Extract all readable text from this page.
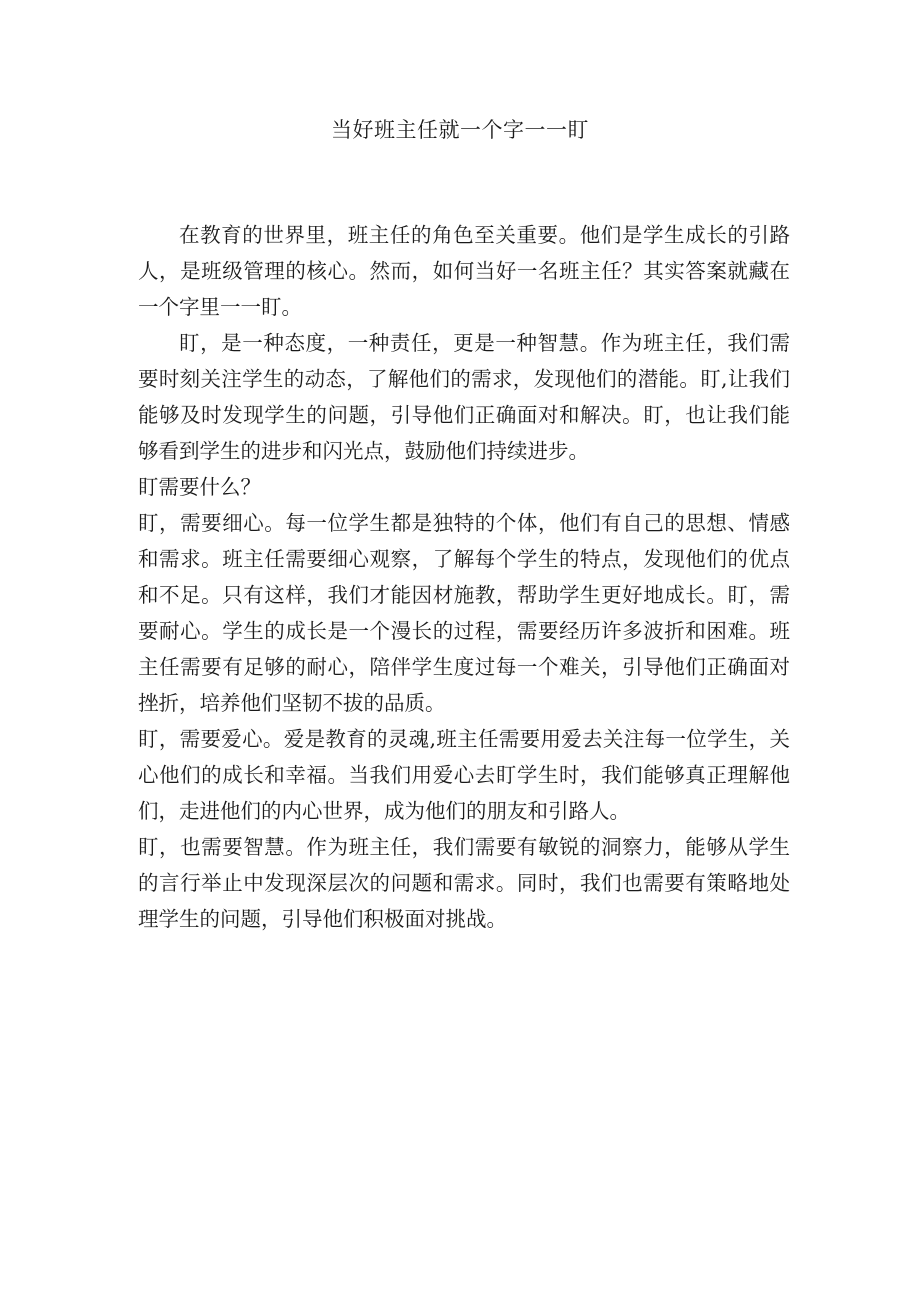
当好班主任就一个字一一盯

在教育的世界里，班主任的角色至关重要。他们是学生成长的引路人，是班级管理的核心。然而，如何当好一名班主任？其实答案就藏在一个字里一一盯。

盯，是一种态度，一种责任，更是一种智慧。作为班主任，我们需要时刻关注学生的动态，了解他们的需求，发现他们的潜能。盯,让我们能够及时发现学生的问题，引导他们正确面对和解决。盯，也让我们能够看到学生的进步和闪光点，鼓励他们持续进步。

盯需要什么？

盯，需要细心。每一位学生都是独特的个体，他们有自己的思想、情感和需求。班主任需要细心观察，了解每个学生的特点，发现他们的优点和不足。只有这样，我们才能因材施教，帮助学生更好地成长。盯，需要耐心。学生的成长是一个漫长的过程，需要经历许多波折和困难。班主任需要有足够的耐心，陪伴学生度过每一个难关，引导他们正确面对挫折，培养他们坚韧不拔的品质。

盯，需要爱心。爱是教育的灵魂,班主任需要用爱去关注每一位学生，关心他们的成长和幸福。当我们用爱心去盯学生时，我们能够真正理解他们，走进他们的内心世界，成为他们的朋友和引路人。

盯，也需要智慧。作为班主任，我们需要有敏锐的洞察力，能够从学生的言行举止中发现深层次的问题和需求。同时，我们也需要有策略地处理学生的问题，引导他们积极面对挑战。
